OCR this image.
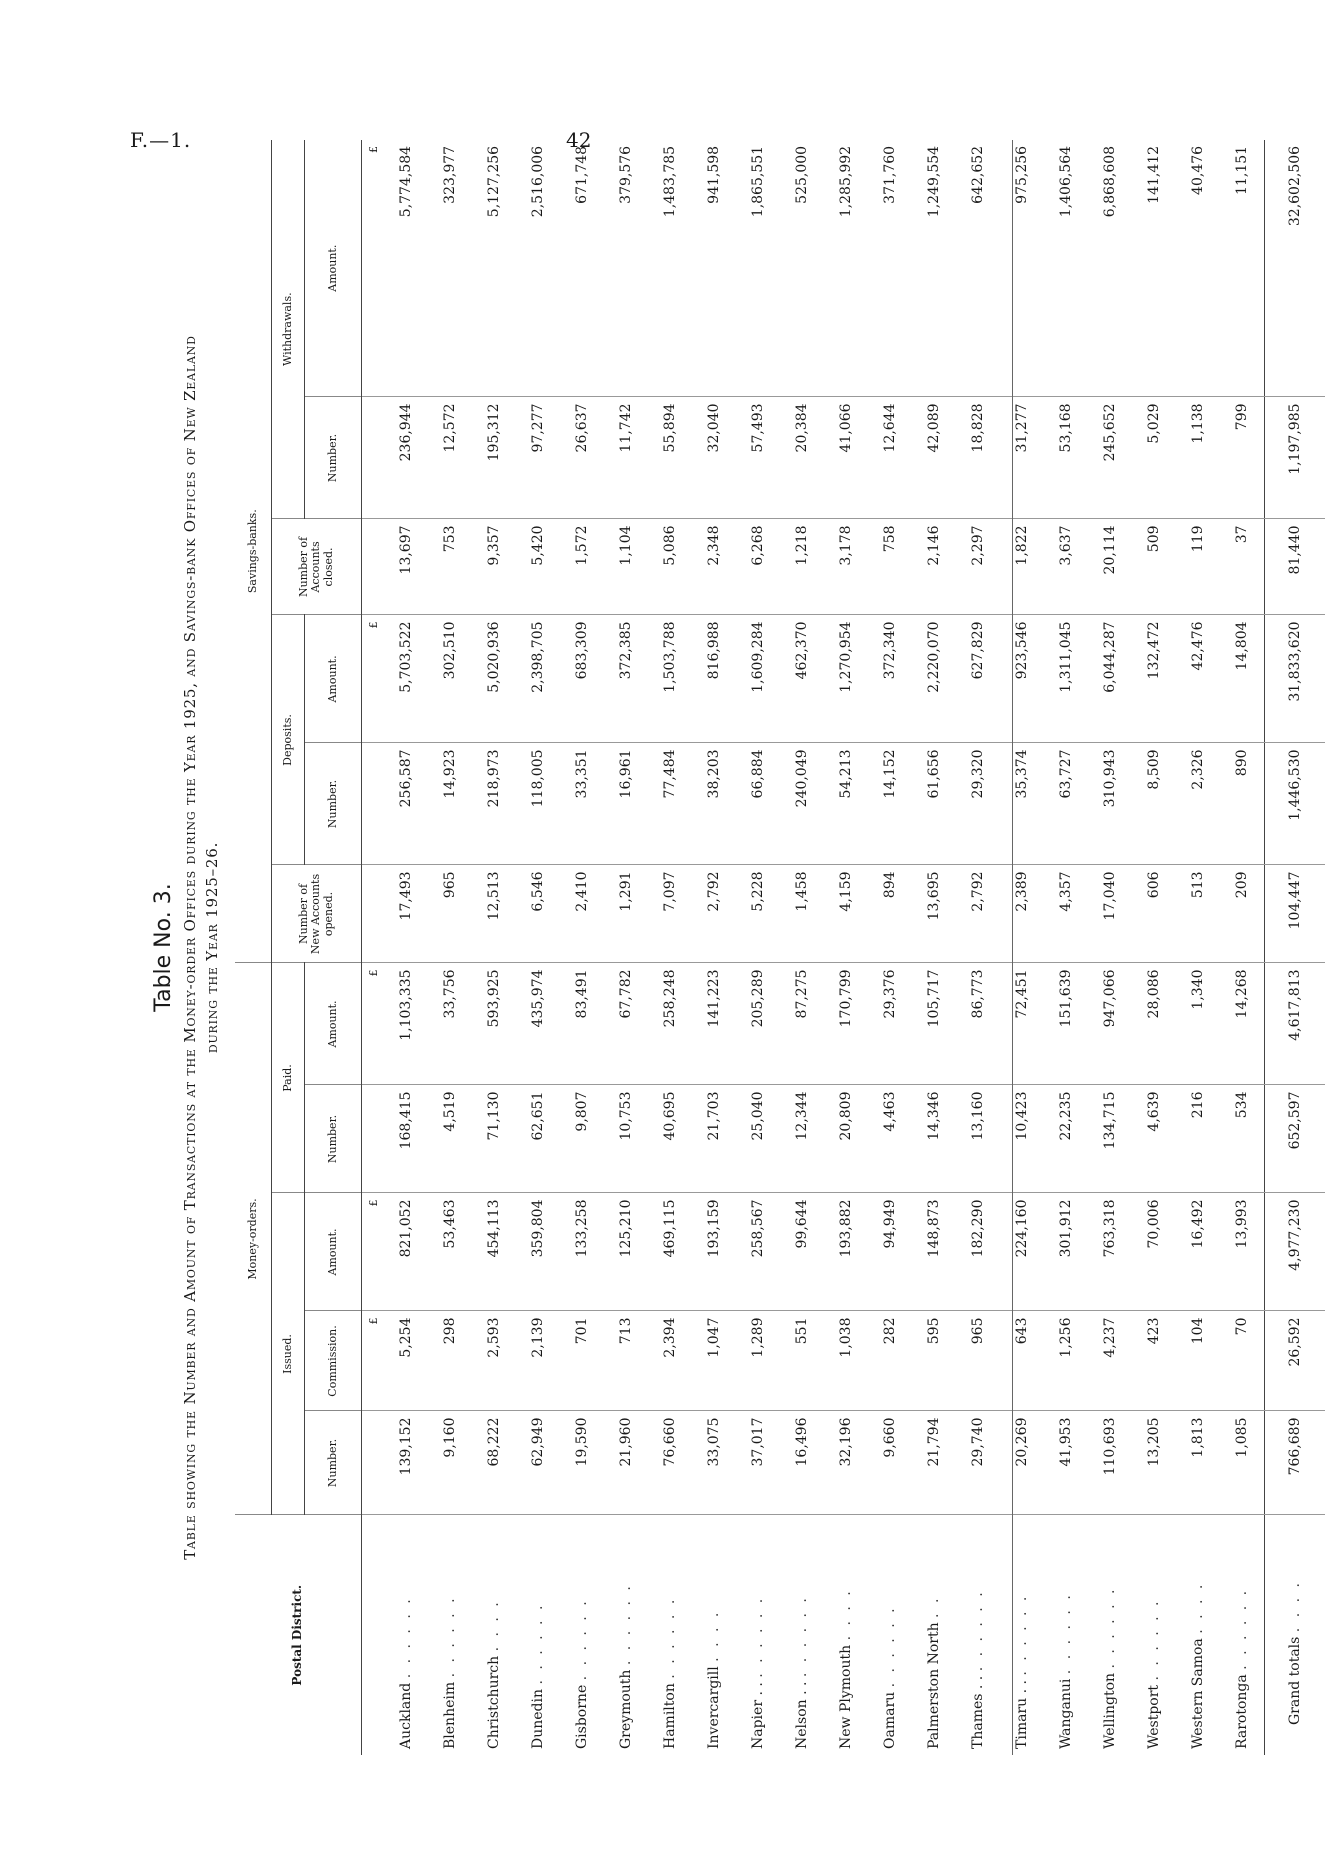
F.—1.	42
Table No. 3. Table showing the Number and Amount of Transactions at the Money-order Offices during the Year 1925, and Savings-bank Offices of New Zealand during the Year 1925–26.
Postal District.	Money-orders.					Savings-banks.					
	Issued.			Paid.		Number of New Accounts opened.	Deposits.		Number of Accounts closed.	Withdrawals.	
	Number.	Commission.	Amount.	Number.	Amount.		Number.	Amount.		Number.	Amount.
		£	£		£			£			£
Auckland . . . . . .	139,152	5,254	821,052	168,415	1,103,335	17,493	256,587	5,703,522	13,697	236,944	5,774,584
Blenheim . . . . . .	9,160	298	53,463	4,519	33,756	965	14,923	302,510	753	12,572	323,977
Christchurch . . . .	68,222	2,593	454,113	71,130	593,925	12,513	218,973	5,020,936	9,357	195,312	5,127,256
Dunedin . . . . . .	62,949	2,139	359,804	62,651	435,974	6,546	118,005	2,398,705	5,420	97,277	2,516,006
Gisborne . . . . . .	19,590	701	133,258	9,807	83,491	2,410	33,351	683,309	1,572	26,637	671,748
Greymouth . . . . . .	21,960	713	125,210	10,753	67,782	1,291	16,961	372,385	1,104	11,742	379,576
Hamilton . . . . . .	76,660	2,394	469,115	40,695	258,248	7,097	77,484	1,503,788	5,086	55,894	1,483,785
Invercargill . . . .	33,075	1,047	193,159	21,703	141,223	2,792	38,203	816,988	2,348	32,040	941,598
Napier . . . . . . . .	37,017	1,289	258,567	25,040	205,289	5,228	66,884	1,609,284	6,268	57,493	1,865,551
Nelson . . . . . . . .	16,496	551	99,644	12,344	87,275	1,458	240,049	462,370	1,218	20,384	525,000
New Plymouth . . . .	32,196	1,038	193,882	20,809	170,799	4,159	54,213	1,270,954	3,178	41,066	1,285,992
Oamaru . . . . . .	9,660	282	94,949	4,463	29,376	894	14,152	372,340	758	12,644	371,760
Palmerston North . .	21,794	595	148,873	14,346	105,717	13,695	61,656	2,220,070	2,146	42,089	1,249,554
Thames . . . . . . . .	29,740	965	182,290	13,160	86,773	2,792	29,320	627,829	2,297	18,828	642,652
Timaru . . . . . . . .	20,269	643	224,160	10,423	72,451	2,389	35,374	923,546	1,822	31,277	975,256
Wanganui . . . . . .	41,953	1,256	301,912	22,235	151,639	4,357	63,727	1,311,045	3,637	53,168	1,406,564
Wellington . . . . . .	110,693	4,237	763,318	134,715	947,066	17,040	310,943	6,044,287	20,114	245,652	6,868,608
Westport . . . . . .	13,205	423	70,006	4,639	28,086	606	8,509	132,472	509	5,029	141,412
Western Samoa . . . .	1,813	104	16,492	216	1,340	513	2,326	42,476	119	1,138	40,476
Rarotonga . . . . . .	1,085	70	13,993	534	14,268	209	890	14,804	37	799	11,151
Grand totals . . . .	766,689	26,592	4,977,230	652,597	4,617,813	104,447	1,446,530	31,833,620	81,440	1,197,985	32,602,506
